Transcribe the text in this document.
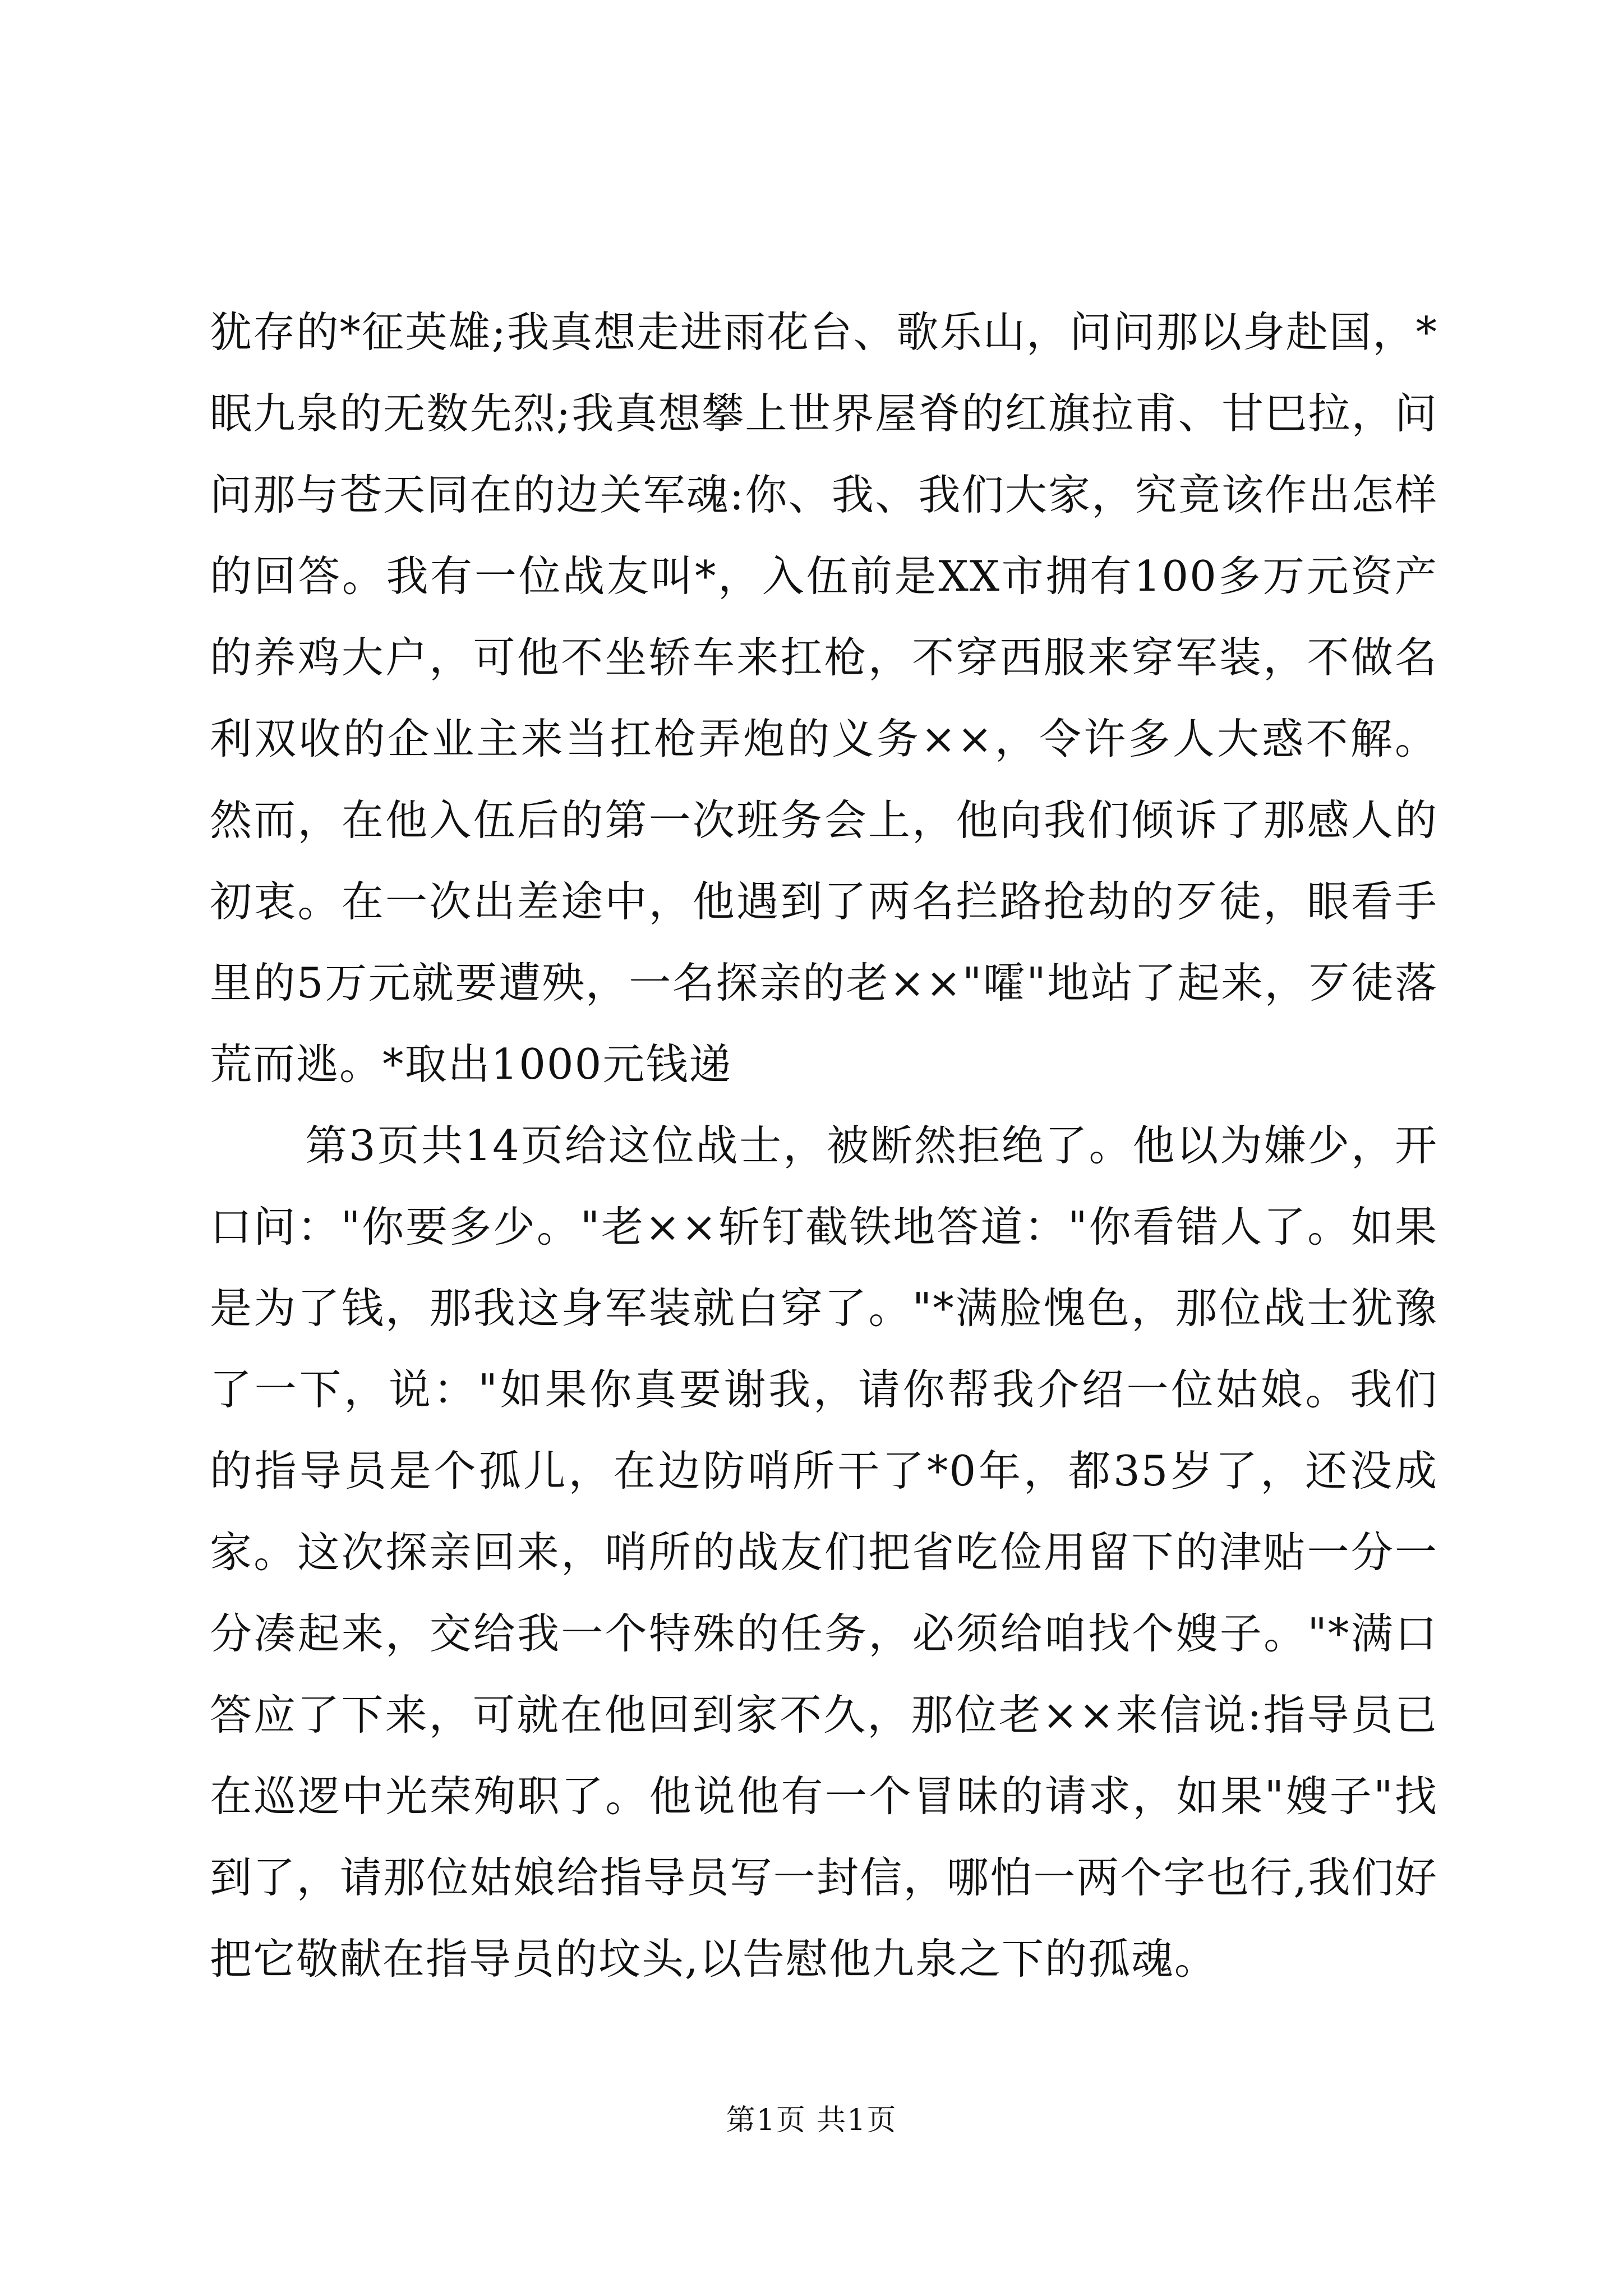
犹存的*征英雄;我真想走进雨花台、歌乐山，问问那以身赴国，*眠九泉的无数先烈;我真想攀上世界屋脊的红旗拉甫、甘巴拉，问问那与苍天同在的边关军魂:你、我、我们大家，究竟该作出怎样的回答。我有一位战友叫*，入伍前是XX市拥有100多万元资产的养鸡大户，可他不坐轿车来扛枪，不穿西服来穿军装，不做名利双收的企业主来当扛枪弄炮的义务××，令许多人大惑不解。然而，在他入伍后的第一次班务会上，他向我们倾诉了那感人的初衷。在一次出差途中，他遇到了两名拦路抢劫的歹徒，眼看手里的5万元就要遭殃，一名探亲的老××"嚯"地站了起来，歹徒落荒而逃。*取出1000元钱递

第3页共14页给这位战士，被断然拒绝了。他以为嫌少，开口问："你要多少。"老××斩钉截铁地答道："你看错人了。如果是为了钱，那我这身军装就白穿了。"*满脸愧色，那位战士犹豫了一下，说："如果你真要谢我，请你帮我介绍一位姑娘。我们的指导员是个孤儿，在边防哨所干了*0年，都35岁了，还没成家。这次探亲回来，哨所的战友们把省吃俭用留下的津贴一分一分凑起来，交给我一个特殊的任务，必须给咱找个嫂子。"*满口答应了下来，可就在他回到家不久，那位老××来信说:指导员已在巡逻中光荣殉职了。他说他有一个冒昧的请求，如果"嫂子"找到了，请那位姑娘给指导员写一封信，哪怕一两个字也行,我们好把它敬献在指导员的坟头,以告慰他九泉之下的孤魂。

第1页 共1页
